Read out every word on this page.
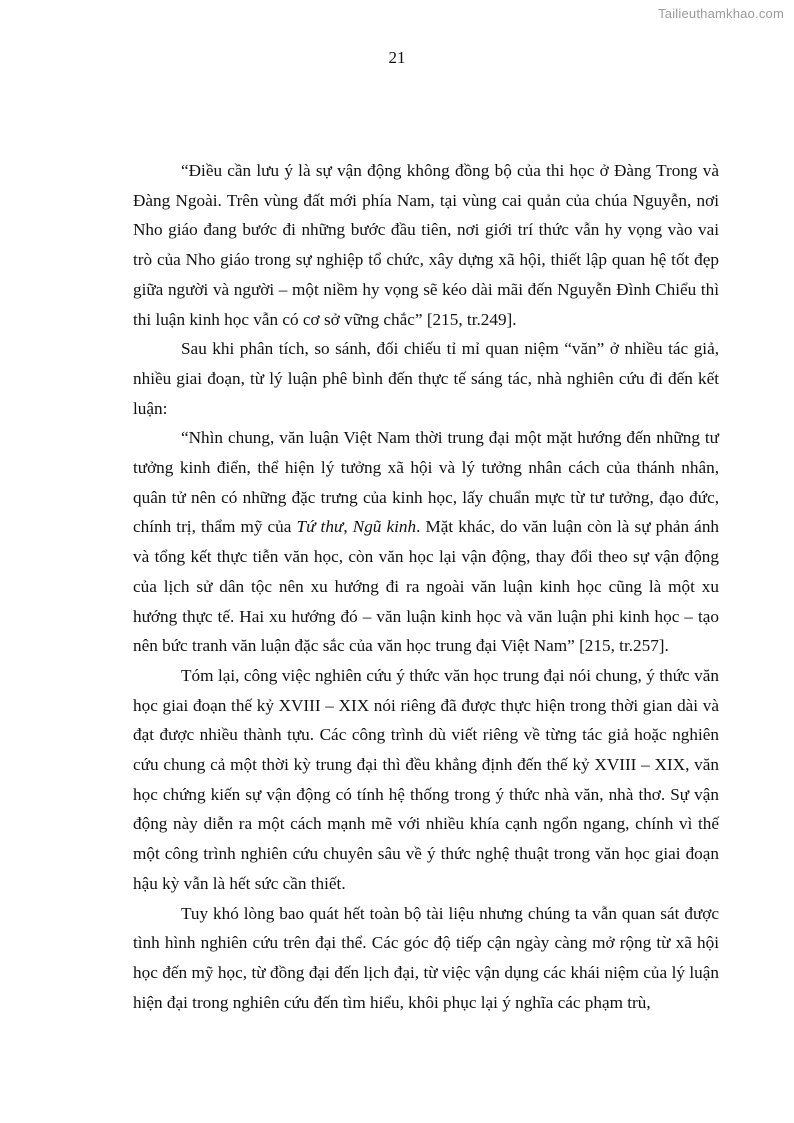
Tailieuthamkhao.com
21

“Điều cần lưu ý là sự vận động không đồng bộ của thi học ở Đàng Trong và Đàng Ngoài. Trên vùng đất mới phía Nam, tại vùng cai quản của chúa Nguyễn, nơi Nho giáo đang bước đi những bước đầu tiên, nơi giới trí thức vẫn hy vọng vào vai trò của Nho giáo trong sự nghiệp tổ chức, xây dựng xã hội, thiết lập quan hệ tốt đẹp giữa người và người – một niềm hy vọng sẽ kéo dài mãi đến Nguyễn Đình Chiểu thì thi luận kinh học vẫn có cơ sở vững chắc” [215, tr.249].

Sau khi phân tích, so sánh, đối chiếu tỉ mỉ quan niệm “văn” ở nhiều tác giả, nhiều giai đoạn, từ lý luận phê bình đến thực tế sáng tác, nhà nghiên cứu đi đến kết luận:

“Nhìn chung, văn luận Việt Nam thời trung đại một mặt hướng đến những tư tưởng kinh điển, thể hiện lý tưởng xã hội và lý tưởng nhân cách của thánh nhân, quân tử nên có những đặc trưng của kinh học, lấy chuẩn mực từ tư tưởng, đạo đức, chính trị, thẩm mỹ của Tứ thư, Ngũ kinh. Mặt khác, do văn luận còn là sự phản ánh và tổng kết thực tiễn văn học, còn văn học lại vận động, thay đổi theo sự vận động của lịch sử dân tộc nên xu hướng đi ra ngoài văn luận kinh học cũng là một xu hướng thực tế. Hai xu hướng đó – văn luận kinh học và văn luận phi kinh học – tạo nên bức tranh văn luận đặc sắc của văn học trung đại Việt Nam” [215, tr.257].

Tóm lại, công việc nghiên cứu ý thức văn học trung đại nói chung, ý thức văn học giai đoạn thế kỷ XVIII – XIX nói riêng đã được thực hiện trong thời gian dài và đạt được nhiều thành tựu. Các công trình dù viết riêng về từng tác giả hoặc nghiên cứu chung cả một thời kỳ trung đại thì đều khẳng định đến thế kỷ XVIII – XIX, văn học chứng kiến sự vận động có tính hệ thống trong ý thức nhà văn, nhà thơ. Sự vận động này diễn ra một cách mạnh mẽ với nhiều khía cạnh ngổn ngang, chính vì thế một công trình nghiên cứu chuyên sâu về ý thức nghệ thuật trong văn học giai đoạn hậu kỳ vẫn là hết sức cần thiết.

Tuy khó lòng bao quát hết toàn bộ tài liệu nhưng chúng ta vẫn quan sát được tình hình nghiên cứu trên đại thể. Các góc độ tiếp cận ngày càng mở rộng từ xã hội học đến mỹ học, từ đồng đại đến lịch đại, từ việc vận dụng các khái niệm của lý luận hiện đại trong nghiên cứu đến tìm hiểu, khôi phục lại ý nghĩa các phạm trù,
